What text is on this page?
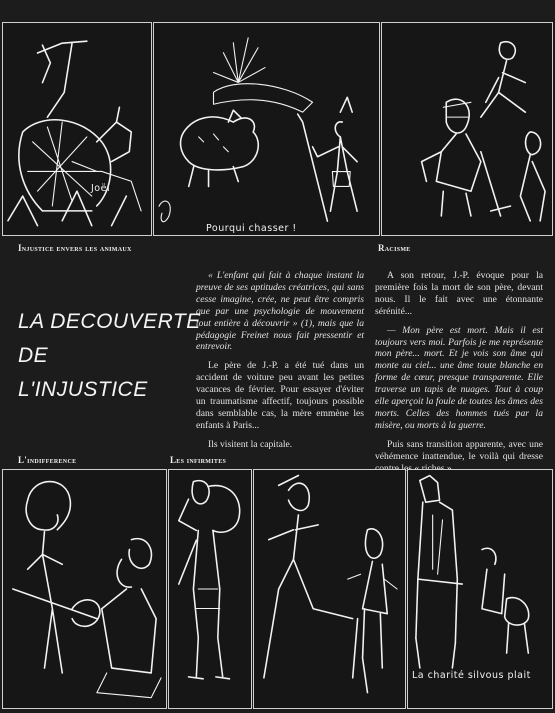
Joël
Pourqui chasser !
Injustice envers les animaux	Racisme
LA DECOUVERTE
DE
L'INJUSTICE

« L'enfant qui fait à chaque instant la preuve de ses aptitudes créatrices, qui sans cesse imagine, crée, ne peut être compris que par une psychologie de mouvement tout entière à découvrir » (1), mais que la pédagogie Freinet nous fait pressentir et entrevoir.

Le père de J.-P. a été tué dans un accident de voiture peu avant les petites vacances de février. Pour essayer d'éviter un traumatisme affectif, toujours possible dans semblable cas, la mère emmène les enfants à Paris...

Ils visitent la capitale.

A son retour, J.-P. évoque pour la première fois la mort de son père, devant nous. Il le fait avec une étonnante sérénité...

— Mon père est mort. Mais il est toujours vers moi. Parfois je me représente mon père... mort. Et je vois son âme qui monte au ciel... une âme toute blanche en forme de cœur, presque transparente. Elle traverse un tapis de nuages. Tout à coup elle aperçoit la foule de toutes les âmes des morts. Celles des hommes tués par la misère, ou morts à la guerre.

Puis sans transition apparente, avec une véhémence inattendue, le voilà qui dresse

L'indifference	Les infirmites
La charité silvous plait
